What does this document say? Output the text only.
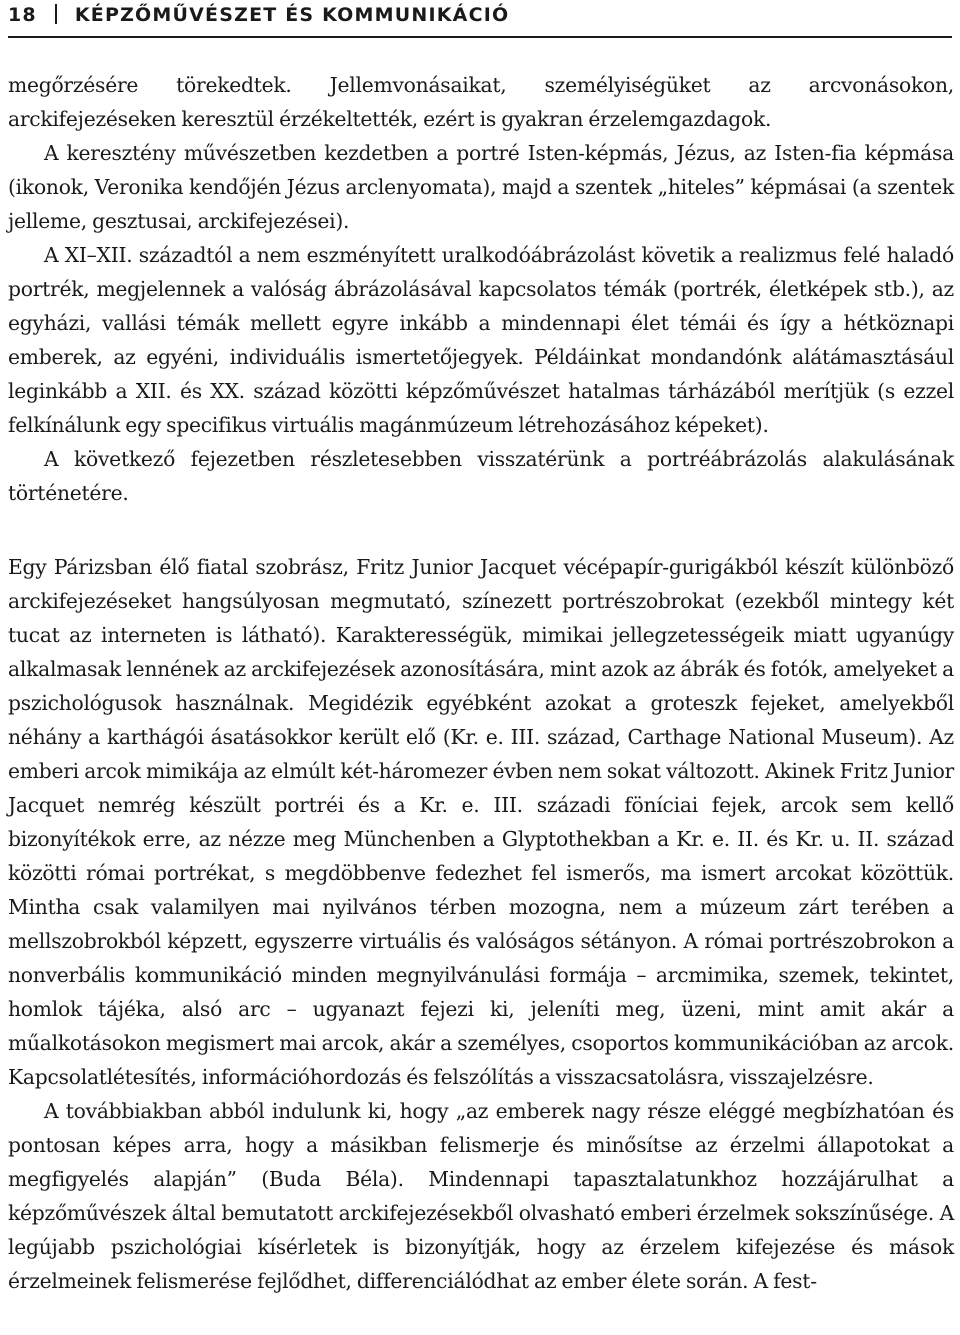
18 KÉPZŐMŰVÉSZET ÉS KOMMUNIKÁCIÓ

megőrzésére törekedtek. Jellemvonásaikat, személyiségüket az arcvonásokon, arckifejezéseken keresztül érzékeltették, ezért is gyakran érzelemgazdagok.

A keresztény művészetben kezdetben a portré Isten-képmás, Jézus, az Isten-fia képmása (ikonok, Veronika kendőjén Jézus arclenyomata), majd a szentek „hiteles” képmásai (a szentek jelleme, gesztusai, arckifejezései).

A XI–XII. századtól a nem eszményített uralkodóábrázolást követik a realizmus felé haladó portrék, megjelennek a valóság ábrázolásával kapcsolatos témák (portrék, életképek stb.), az egyházi, vallási témák mellett egyre inkább a mindennapi élet témái és így a hétköznapi emberek, az egyéni, individuális ismertetőjegyek. Példáinkat mondandónk alátámasztásául leginkább a XII. és XX. század közötti képzőművészet hatalmas tárházából merítjük (s ezzel felkínálunk egy specifikus virtuális magánmúzeum létrehozásához képeket).

A következő fejezetben részletesebben visszatérünk a portréábrázolás alakulásának történetére.

Egy Párizsban élő fiatal szobrász, Fritz Junior Jacquet vécépapír-gurigákból készít különböző arckifejezéseket hangsúlyosan megmutató, színezett portrészobrokat (ezekből mintegy két tucat az interneten is látható). Karakterességük, mimikai jellegzetességeik miatt ugyanúgy alkalmasak lennének az arckifejezések azonosítására, mint azok az ábrák és fotók, amelyeket a pszichológusok használnak. Megidézik egyébként azokat a groteszk fejeket, amelyekből néhány a karthágói ásatásokkor került elő (Kr. e. III. század, Carthage National Museum). Az emberi arcok mimikája az elmúlt két-háromezer évben nem sokat változott. Akinek Fritz Junior Jacquet nemrég készült portréi és a Kr. e. III. századi föníciai fejek, arcok sem kellő bizonyítékok erre, az nézze meg Münchenben a Glyptothekban a Kr. e. II. és Kr. u. II. század közötti római portrékat, s megdöbbenve fedezhet fel ismerős, ma ismert arcokat közöttük. Mintha csak valamilyen mai nyilvános térben mozogna, nem a múzeum zárt terében a mellszobrokból képzett, egyszerre virtuális és valóságos sétányon. A római portrészobrokon a nonverbális kommunikáció minden megnyilvánulási formája – arcmimika, szemek, tekintet, homlok tájéka, alsó arc – ugyanazt fejezi ki, jeleníti meg, üzeni, mint amit akár a műalkotásokon megismert mai arcok, akár a személyes, csoportos kommunikációban az arcok. Kapcsolatlétesítés, információhordozás és felszólítás a visszacsatolásra, visszajelzésre.

A továbbiakban abból indulunk ki, hogy „az emberek nagy része eléggé megbízhatóan és pontosan képes arra, hogy a másikban felismerje és minősítse az érzelmi állapotokat a megfigyelés alapján” (Buda Béla). Mindennapi tapasztalatunkhoz hozzájárulhat a képzőművészek által bemutatott arckifejezésekből olvasható emberi érzelmek sokszínűsége. A legújabb pszichológiai kísérletek is bizonyítják, hogy az érzelem kifejezése és mások érzelmeinek felismerése fejlődhet, differenciálódhat az ember élete során. A fest-
